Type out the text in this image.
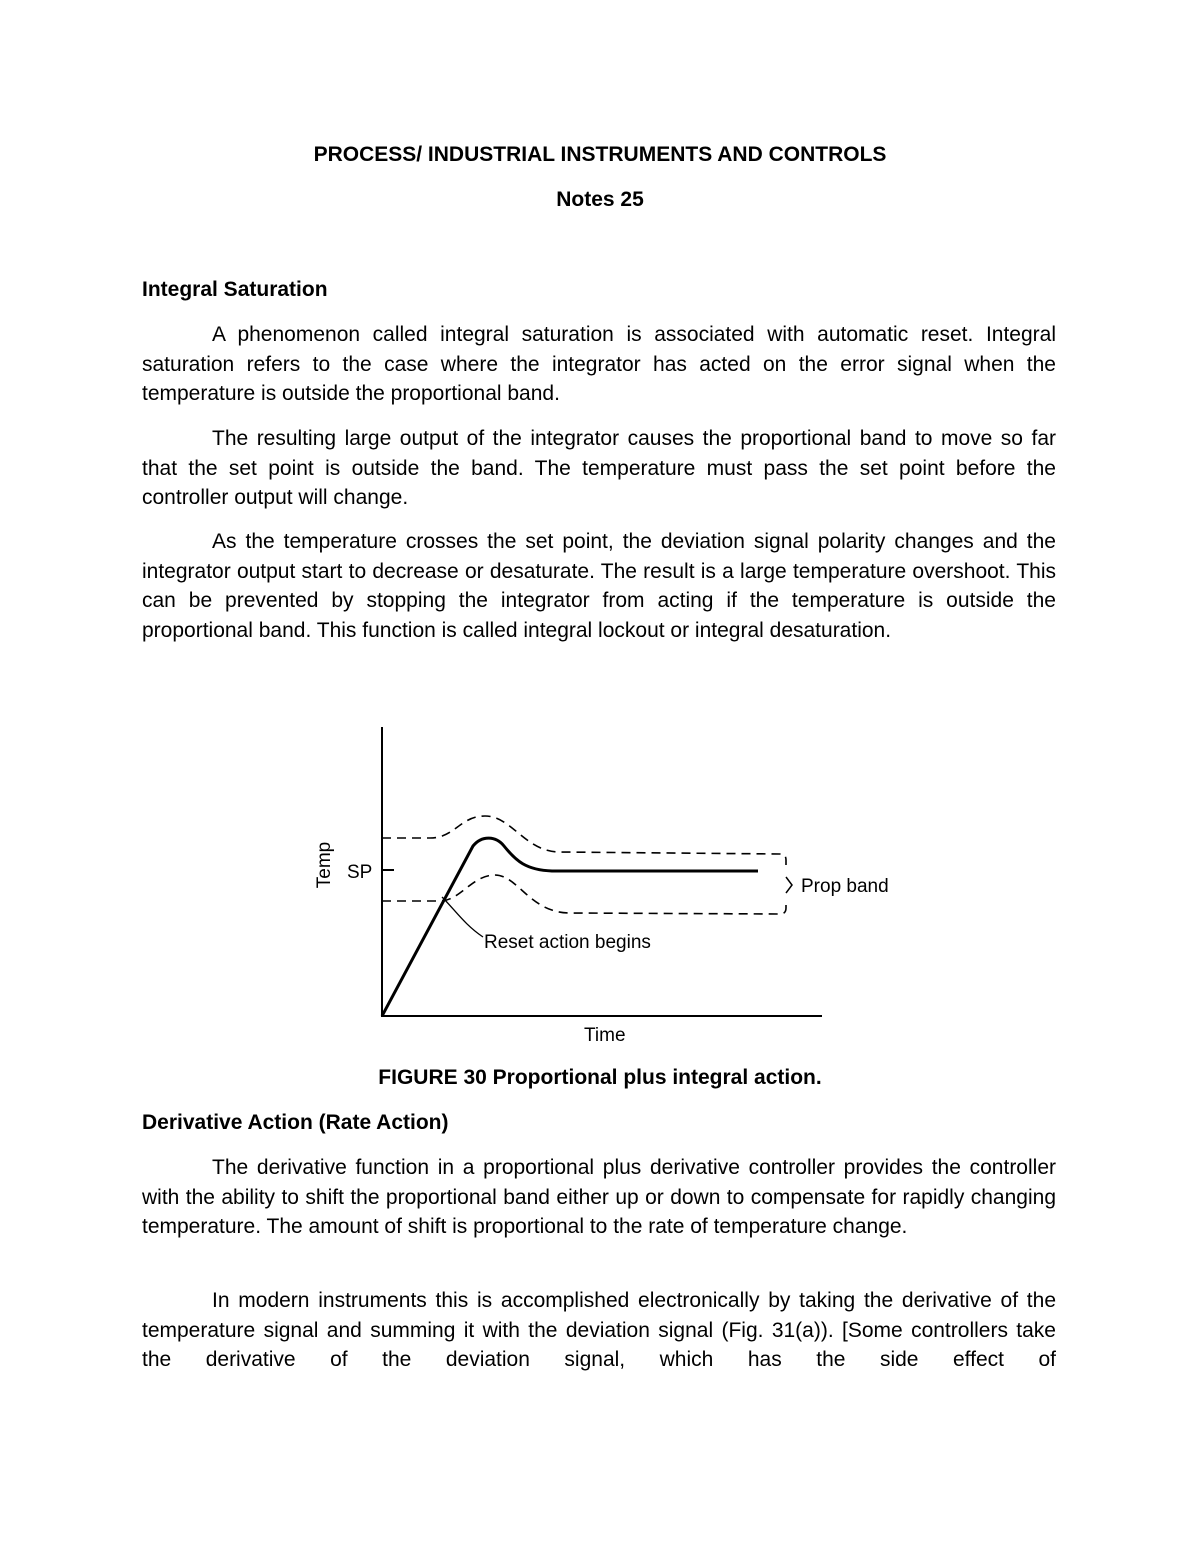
PROCESS/ INDUSTRIAL INSTRUMENTS AND CONTROLS
Notes 25
Integral Saturation

A phenomenon called integral saturation is associated with automatic reset. Integral saturation refers to the case where the integrator has acted on the error signal when the temperature is outside the proportional band.

The resulting large output of the integrator causes the proportional band to move so far that the set point is outside the band. The temperature must pass the set point before the controller output will change.

As the temperature crosses the set point, the deviation signal polarity changes and the integrator output start to decrease or desaturate. The result is a large temperature overshoot. This can be prevented by stopping the integrator from acting if the temperature is outside the proportional band. This function is called integral lockout or integral desaturation.

Temp SP
Prop band
Reset action begins
Time

FIGURE 30 Proportional plus integral action.

Derivative Action (Rate Action)

The derivative function in a proportional plus derivative controller provides the controller with the ability to shift the proportional band either up or down to compensate for rapidly changing temperature. The amount of shift is proportional to the rate of temperature change.

In modern instruments this is accomplished electronically by taking the derivative of the temperature signal and summing it with the deviation signal (Fig. 31(a)). [Some controllers take the derivative of the deviation signal, which has the side effect of
